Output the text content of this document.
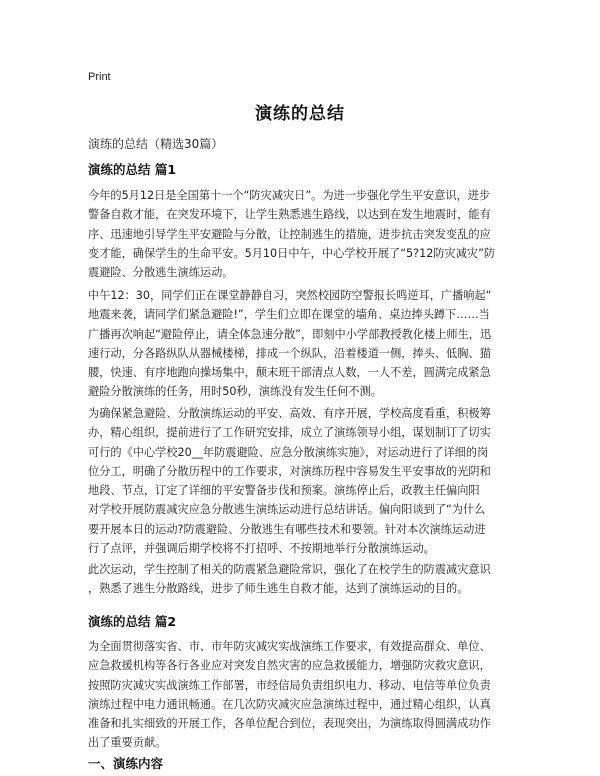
Print
演练的总结
演练的总结（精选30篇）
演练的总结 篇1

今年的5月12日是全国第十一个“防灾减灾日”。为进一步强化学生平安意识，进步
警备自救才能，在突发环境下，让学生熟悉逃生路线，以达到在发生地震时，能有
序、迅速地引导学生平安避险与分散，让控制逃生的措施，进步抗击突发变乱的应
变才能，确保学生的生命平安。5月10日中午，中心学校开展了“5?12防灾减灾”防
震避险、分散逃生演练运动。

中午12：30，同学们正在课堂静静自习，突然校园防空警报长鸣逆耳，广播响起“
地震来袭，请同学们紧急避险!”，学生们立即在课堂的墙角、桌边捧头蹲下……当
广播再次响起“避险停止，请全体急速分散”，即刻中小学部教授教化楼上师生，迅
速行动，分各路纵队从器械楼梯，排成一个纵队，沿着楼道一侧，捧头、低胸、猫
腰，快速、有序地跑向操场集中，颠末班干部清点人数，一人不差，圆满完成紧急
避险分散演练的任务，用时50秒，演练没有发生任何不测。

为确保紧急避险、分散演练运动的平安、高效、有序开展，学校高度看重，积极筹
办，精心组织，提前进行了工作研究安排，成立了演练领导小组，谋划制订了切实
可行的《中心学校20__年防震避险、应急分散演练实施》，对运动进行了详细的岗
位分工，明确了分散历程中的工作要求，对演练历程中容易发生平安事故的光阴和
地段、节点，订定了详细的平安警备步伐和预案。演练停止后，政教主任偏向阳
对学校开展防震减灾应急分散逃生演练运动进行总结讲话。偏向阳谈到了“为什么
要开展本日的运动?防震避险、分散逃生有哪些技术和要领。针对本次演练运动进
行了点评，并强调后期学校将不打招呼、不按期地举行分散演练运动。

此次运动，学生控制了相关的防震紧急避险常识，强化了在校学生的防震减灾意识
，熟悉了逃生分散路线，进步了师生逃生自救才能，达到了演练运动的目的。

演练的总结 篇2

为全面贯彻落实省、市、市年防灾减灾实战演练工作要求，有效提高群众、单位、
应急救援机构等各行各业应对突发自然灾害的应急救援能力，增强防灾救灾意识，
按照防灾减灾实战演练工作部署，市经信局负责组织电力、移动、电信等单位负责
演练过程中电力通讯畅通。在几次防灾减灾应急演练过程中，通过精心组织，认真
准备和扎实细致的开展工作，各单位配合到位，表现突出，为演练取得圆满成功作
出了重要贡献。

一、演练内容
